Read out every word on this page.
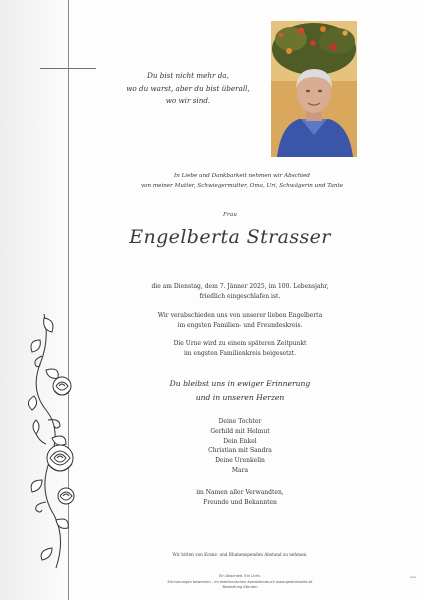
Du bist nicht mehr da,
wo du warst, aber du bist überall,
wo wir sind.
In Liebe und Dankbarkeit nehmen wir Abschied
von meiner Mutter, Schwiegermutter, Oma, Uri, Schwägerin und Tante
Frau
Engelberta Strasser
die am Dienstag, dem 7. Jänner 2025, im 100. Lebensjahr,
friedlich eingeschlafen ist.
Wir verabschieden uns von unserer lieben Engelberta
im engsten Familien- und Freundeskreis.
Die Urne wird zu einem späteren Zeitpunkt
im engsten Familienkreis beigesetzt.
Du bleibst uns in ewiger Erinnerung
und in unseren Herzen
Deine Tochter
Gerhild mit Helmut
Dein Enkel
Christian mit Sandra
Deine Urenkelin
Mara
im Namen aller Verwandten,
Freunde und Bekannten
Wir bitten von Kranz- und Blumenspenden Abstand zu nehmen.
Ein Abschied. Ein Licht.
Erinnerungen bewahren - im elektronischen Kondolenzbuch www.gedenkseite.at
Bestattung Kärnten
▪▪▪
